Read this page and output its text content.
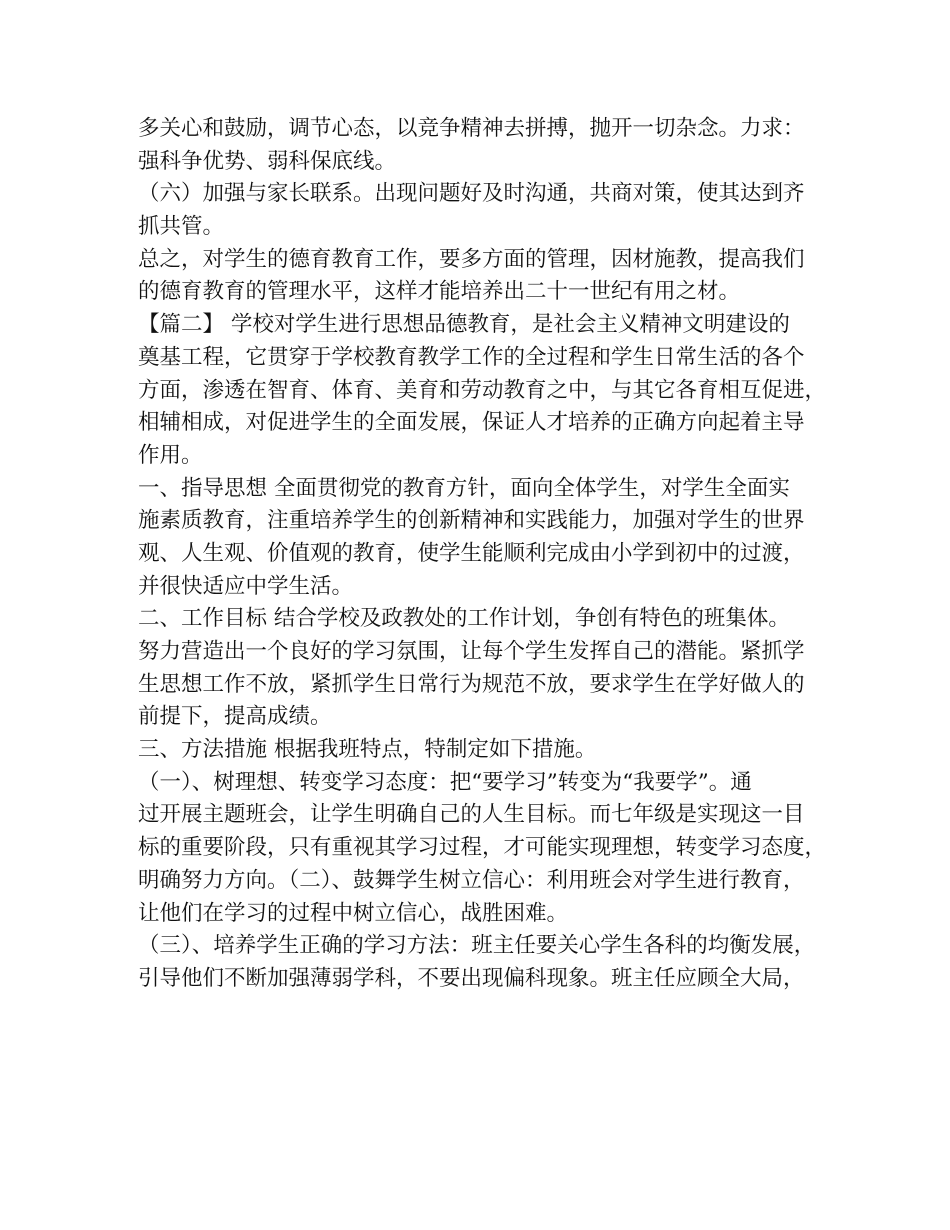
多关心和鼓励，调节心态，以竞争精神去拼搏，抛开一切杂念。力求：
强科争优势、弱科保底线。
（六）加强与家长联系。出现问题好及时沟通，共商对策，使其达到齐
抓共管。
总之，对学生的德育教育工作，要多方面的管理，因材施教，提高我们
的德育教育的管理水平，这样才能培养出二十一世纪有用之材。
【篇二】 学校对学生进行思想品德教育，是社会主义精神文明建设的
奠基工程，它贯穿于学校教育教学工作的全过程和学生日常生活的各个
方面，渗透在智育、体育、美育和劳动教育之中，与其它各育相互促进，
相辅相成，对促进学生的全面发展，保证人才培养的正确方向起着主导
作用。
一、指导思想 全面贯彻党的教育方针，面向全体学生，对学生全面实
施素质教育，注重培养学生的创新精神和实践能力，加强对学生的世界
观、人生观、价值观的教育，使学生能顺利完成由小学到初中的过渡，
并很快适应中学生活。
二、工作目标 结合学校及政教处的工作计划，争创有特色的班集体。
努力营造出一个良好的学习氛围，让每个学生发挥自己的潜能。紧抓学
生思想工作不放，紧抓学生日常行为规范不放，要求学生在学好做人的
前提下，提高成绩。
三、方法措施 根据我班特点，特制定如下措施。
（一）、树理想、转变学习态度：把“要学习”转变为“我要学”。通
过开展主题班会，让学生明确自己的人生目标。而七年级是实现这一目
标的重要阶段，只有重视其学习过程，才可能实现理想，转变学习态度，
明确努力方向。（二）、鼓舞学生树立信心：利用班会对学生进行教育，
让他们在学习的过程中树立信心，战胜困难。
（三）、培养学生正确的学习方法：班主任要关心学生各科的均衡发展，
引导他们不断加强薄弱学科，不要出现偏科现象。班主任应顾全大局，
